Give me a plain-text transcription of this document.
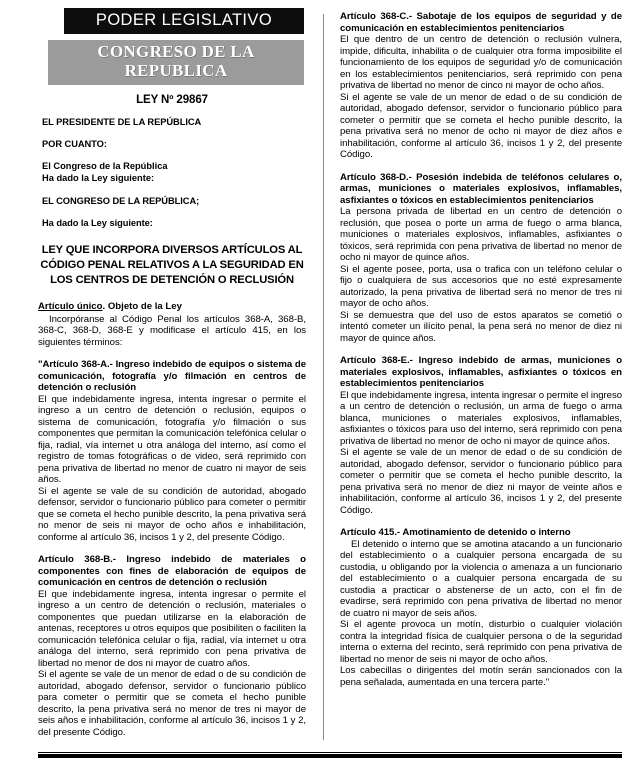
PODER LEGISLATIVO
CONGRESO DE LA REPUBLICA
LEY Nº 29867
EL PRESIDENTE DE LA REPÚBLICA
POR CUANTO:
El Congreso de la República
Ha dado la Ley siguiente:
EL CONGRESO DE LA REPÚBLICA;
Ha dado la Ley siguiente:
LEY QUE INCORPORA DIVERSOS ARTÍCULOS AL CÓDIGO PENAL RELATIVOS A LA SEGURIDAD EN LOS CENTROS DE DETENCIÓN O RECLUSIÓN
Artículo único. Objeto de la Ley

Incorpóranse al Código Penal los artículos 368-A, 368-B, 368-C, 368-D, 368-E y modificase el artículo 415, en los siguientes términos:

"Artículo 368-A.- Ingreso indebido de equipos o sistema de comunicación, fotografía y/o filmación en centros de detención o reclusión

El que indebidamente ingresa, intenta ingresar o permite el ingreso a un centro de detención o reclusión, equipos o sistema de comunicación, fotografía y/o filmación o sus componentes que permitan la comunicación telefónica celular o fija, radial, vía internet u otra análoga del interno, así como el registro de tomas fotográficas o de video, será reprimido con pena privativa de libertad no menor de cuatro ni mayor de seis años.

Si el agente se vale de su condición de autoridad, abogado defensor, servidor o funcionario público para cometer o permitir que se cometa el hecho punible descrito, la pena privativa será no menor de seis ni mayor de ocho años e inhabilitación, conforme al artículo 36, incisos 1 y 2, del presente Código.

Artículo 368-B.- Ingreso indebido de materiales o componentes con fines de elaboración de equipos de comunicación en centros de detención o reclusión

El que indebidamente ingresa, intenta ingresar o permite el ingreso a un centro de detención o reclusión, materiales o componentes que puedan utilizarse en la elaboración de antenas, receptores u otros equipos que posibiliten o faciliten la comunicación telefónica celular o fija, radial, vía internet u otra análoga del interno, será reprimido con pena privativa de libertad no menor de dos ni mayor de cuatro años.

Si el agente se vale de un menor de edad o de su condición de autoridad, abogado defensor, servidor o funcionario público para cometer o permitir que se cometa el hecho punible descrito, la pena privativa será no menor de tres ni mayor de seis años e inhabilitación, conforme al artículo 36, incisos 1 y 2, del presente Código.

Artículo 368-C.- Sabotaje de los equipos de seguridad y de comunicación en establecimientos penitenciarios

El que dentro de un centro de detención o reclusión vulnera, impide, dificulta, inhabilita o de cualquier otra forma imposibilite el funcionamiento de los equipos de seguridad y/o de comunicación en los establecimientos penitenciarios, será reprimido con pena privativa de libertad no menor de cinco ni mayor de ocho años.

Si el agente se vale de un menor de edad o de su condición de autoridad, abogado defensor, servidor o funcionario público para cometer o permitir que se cometa el hecho punible descrito, la pena privativa será no menor de ocho ni mayor de diez años e inhabilitación, conforme al artículo 36, incisos 1 y 2, del presente Código.

Artículo 368-D.- Posesión indebida de teléfonos celulares o, armas, municiones o materiales explosivos, inflamables, asfixiantes o tóxicos en establecimientos penitenciarios

La persona privada de libertad en un centro de detención o reclusión, que posea o porte un arma de fuego o arma blanca, municiones o materiales explosivos, inflamables, asfixiantes o tóxicos, será reprimida con pena privativa de libertad no menor de ocho ni mayor de quince años.

Si el agente posee, porta, usa o trafica con un teléfono celular o fijo o cualquiera de sus accesorios que no esté expresamente autorizado, la pena privativa de libertad será no menor de tres ni mayor de ocho años.

Si se demuestra que del uso de estos aparatos se cometió o intentó cometer un ilícito penal, la pena será no menor de diez ni mayor de quince años.

Artículo 368-E.- Ingreso indebido de armas, municiones o materiales explosivos, inflamables, asfixiantes o tóxicos en establecimientos penitenciarios

El que indebidamente ingresa, intenta ingresar o permite el ingreso a un centro de detención o reclusión, un arma de fuego o arma blanca, municiones o materiales explosivos, inflamables, asfixiantes o tóxicos para uso del interno, será reprimido con pena privativa de libertad no menor de ocho ni mayor de quince años.

Si el agente se vale de un menor de edad o de su condición de autoridad, abogado defensor, servidor o funcionario público para cometer o permitir que se cometa el hecho punible descrito, la pena privativa será no menor de diez ni mayor de veinte años e inhabilitación, conforme al artículo 36, incisos 1 y 2, del presente Código.

Artículo 415.- Amotinamiento de detenido o interno

El detenido o interno que se amotina atacando a un funcionario del establecimiento o a cualquier persona encargada de su custodia, u obligando por la violencia o amenaza a un funcionario del establecimiento o a cualquier persona encargada de su custodia a practicar o abstenerse de un acto, con el fin de evadirse, será reprimido con pena privativa de libertad no menor de cuatro ni mayor de seis años.

Si el agente provoca un motín, disturbio o cualquier violación contra la integridad física de cualquier persona o de la seguridad interna o externa del recinto, será reprimido con pena privativa de libertad no menor de seis ni mayor de ocho años.

Los cabecillas o dirigentes del motín serán sancionados con la pena señalada, aumentada en una tercera parte."
